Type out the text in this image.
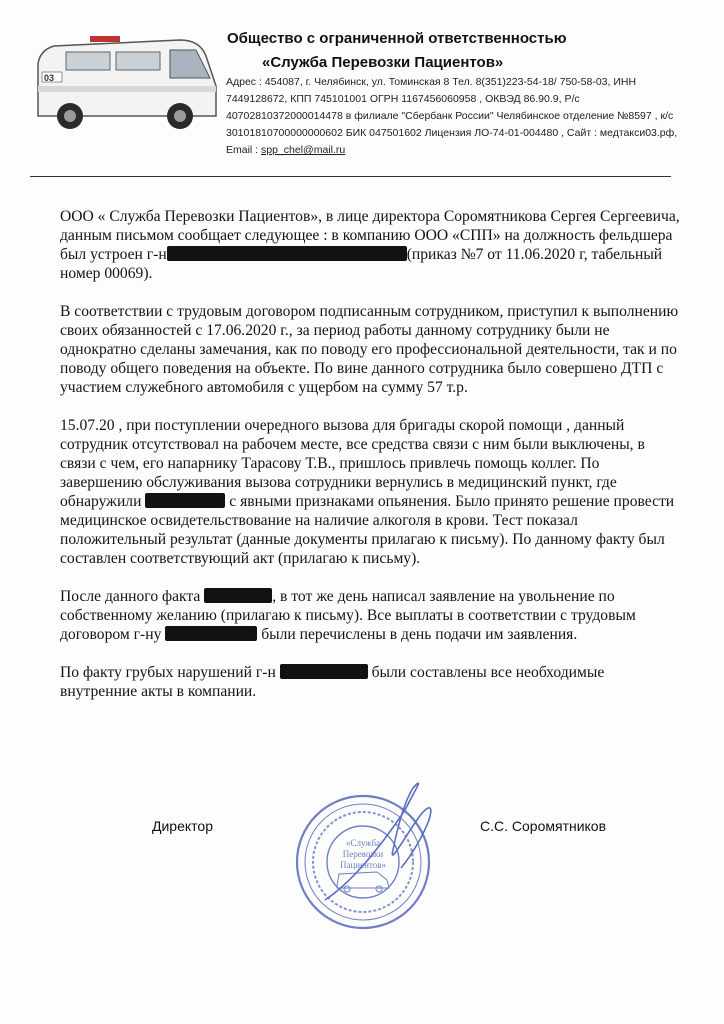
03
Общество с ограниченной ответственностью
«Служба Перевозки Пациентов»
Адрес : 454087, г. Челябинск, ул. Томинская 8 Тел. 8(351)223-54-18/ 750-58-03, ИНН 7449128672, КПП 745101001 ОГРН 1167456060958 , ОКВЭД 86.90.9, Р/с 40702810372000014478 в филиале "Сбербанк России" Челябинское отделение №8597 , к/с 30101810700000000602 БИК 047501602 Лицензия ЛО-74-01-004480 , Сайт : медтакси03.рф, Email : spp_chel@mail.ru

ООО « Служба Перевозки Пациентов», в лице директора Соромятникова Сергея Сергеевича, данным письмом сообщает следующее : в компанию ООО «СПП» на должность фельдшера был устроен г-н	(приказ №7 от 11.06.2020 г, табельный номер 00069).

В соответствии с трудовым договором подписанным сотрудником, приступил к выполнению своих обязанностей с 17.06.2020 г., за период работы данному сотруднику были не однократно сделаны замечания, как по поводу его профессиональной деятельности, так и по поводу общего поведения на объекте. По вине данного сотрудника было совершено ДТП с участием служебного автомобиля с ущербом на сумму 57 т.р.

15.07.20 , при поступлении очередного вызова для бригады скорой помощи , данный сотрудник отсутствовал на рабочем месте, все средства связи с ним были выключены, в связи с чем, его напарнику Тарасову Т.В., пришлось привлечь помощь коллег. По завершению обслуживания вызова сотрудники вернулись в медицинский пункт, где обнаружили	с явными признаками опьянения. Было принято решение провести медицинское освидетельствование на наличие алкоголя в крови. Тест показал положительный результат (данные документы прилагаю к письму). По данному факту был составлен соответствующий акт (прилагаю к письму).

После данного факта	, в тот же день написал заявление на увольнение по собственному желанию (прилагаю к письму). Все выплаты в соответствии с трудовым договором г-ну	были перечислены в день подачи им заявления.

По факту грубых нарушений г-н	были составлены все необходимые внутренние акты в компании.

Директор
«Служба
Перевозки
Пациентов»
С.С. Соромятников
